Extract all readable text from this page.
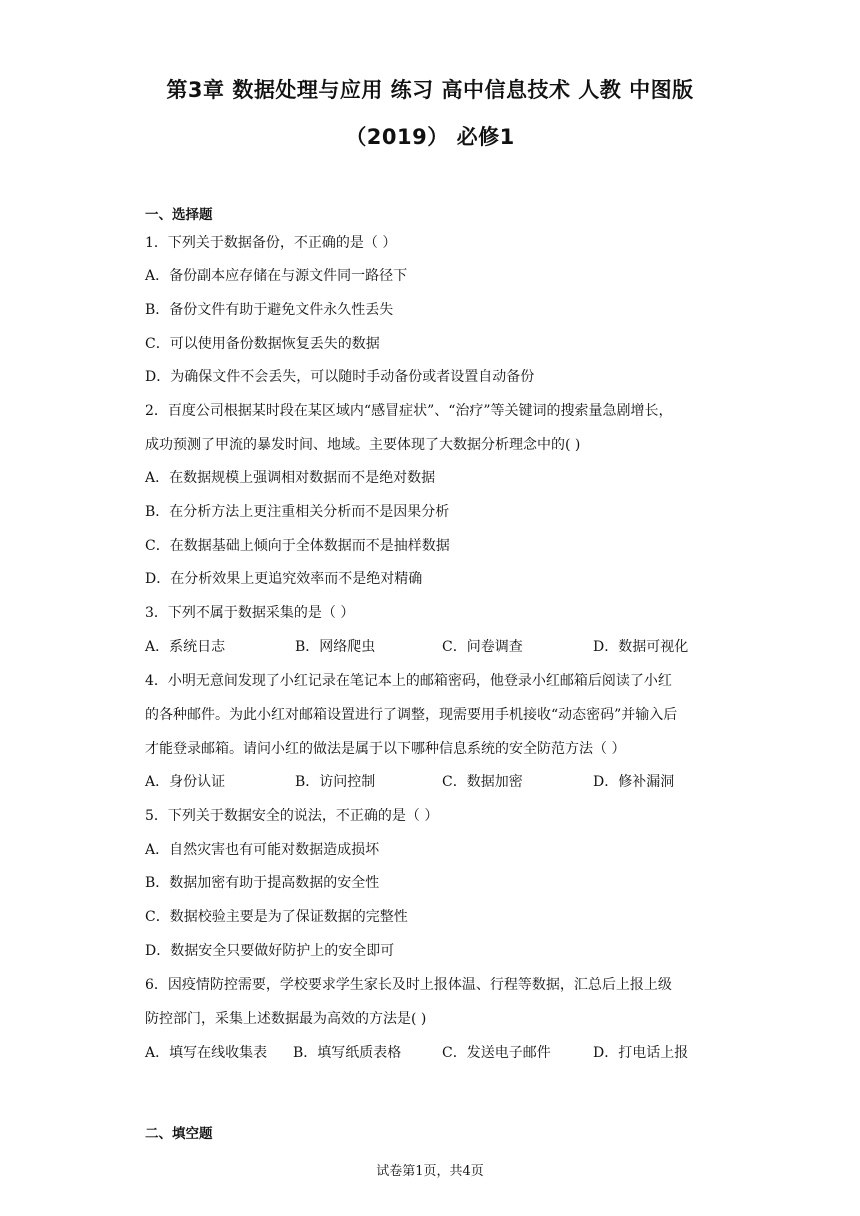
第3章 数据处理与应用 练习 高中信息技术 人教 中图版
（2019） 必修1
一、选择题
1．下列关于数据备份，不正确的是（ ）
A．备份副本应存储在与源文件同一路径下
B．备份文件有助于避免文件永久性丢失
C．可以使用备份数据恢复丢失的数据
D．为确保文件不会丢失，可以随时手动备份或者设置自动备份
2．百度公司根据某时段在某区域内“感冒症状”、“治疗”等关键词的搜索量急剧增长，
成功预测了甲流的暴发时间、地域。主要体现了大数据分析理念中的( )
A．在数据规模上强调相对数据而不是绝对数据
B．在分析方法上更注重相关分析而不是因果分析
C．在数据基础上倾向于全体数据而不是抽样数据
D．在分析效果上更追究效率而不是绝对精确
3．下列不属于数据采集的是（ ）
A．系统日志	B．网络爬虫	C．问卷调查	D．数据可视化
4．小明无意间发现了小红记录在笔记本上的邮箱密码，他登录小红邮箱后阅读了小红
的各种邮件。为此小红对邮箱设置进行了调整，现需要用手机接收“动态密码”并输入后
才能登录邮箱。请问小红的做法是属于以下哪种信息系统的安全防范方法（ ）
A．身份认证	B．访问控制	C．数据加密	D．修补漏洞
5．下列关于数据安全的说法，不正确的是（ ）
A．自然灾害也有可能对数据造成损坏
B．数据加密有助于提高数据的安全性
C．数据校验主要是为了保证数据的完整性
D．数据安全只要做好防护上的安全即可
6．因疫情防控需要，学校要求学生家长及时上报体温、行程等数据，汇总后上报上级
防控部门，采集上述数据最为高效的方法是( )
A．填写在线收集表 B．填写纸质表格	C．发送电子邮件	D．打电话上报
二、填空题
试卷第1页，共4页
